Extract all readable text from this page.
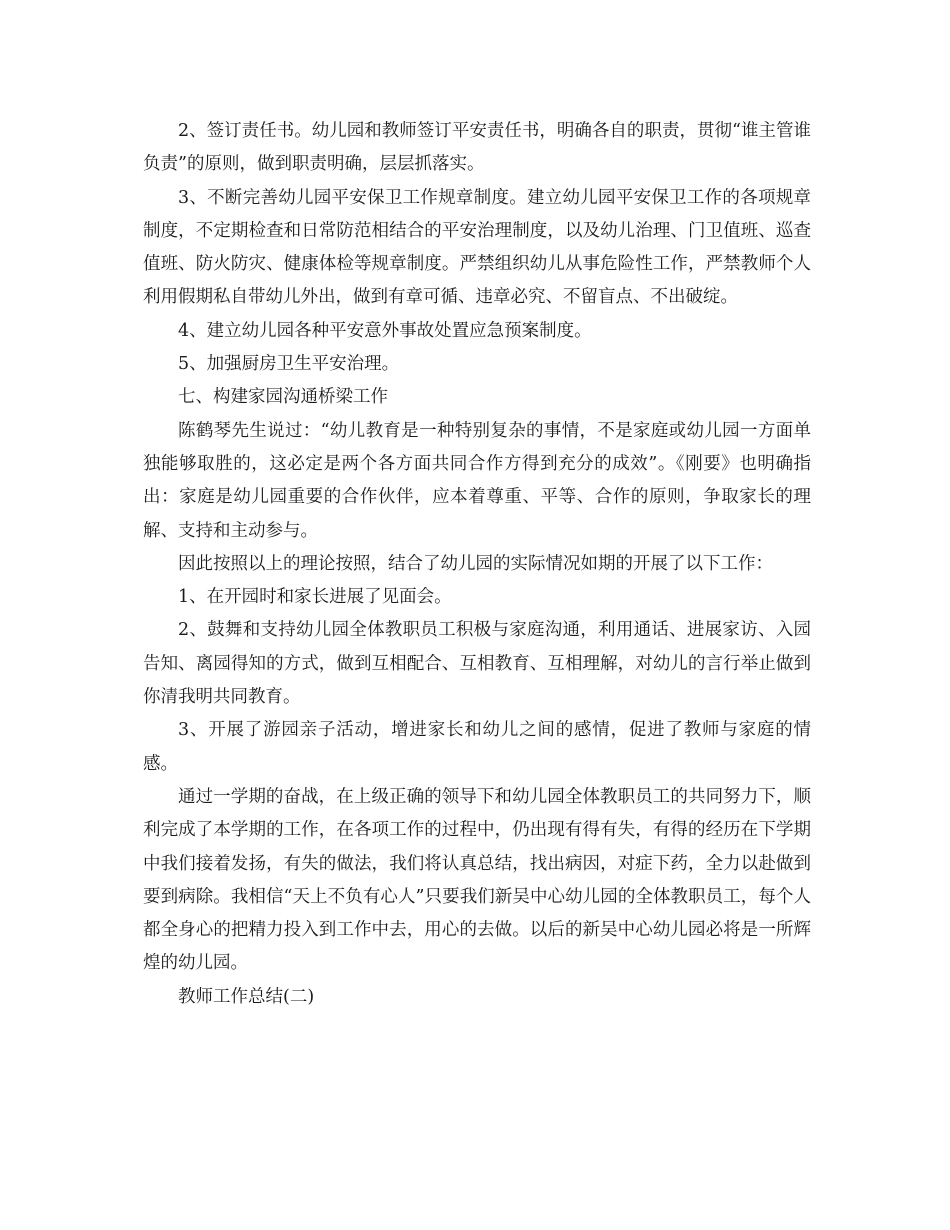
2、签订责任书。幼儿园和教师签订平安责任书，明确各自的职责，贯彻“谁主管谁负责”的原则，做到职责明确，层层抓落实。

3、不断完善幼儿园平安保卫工作规章制度。建立幼儿园平安保卫工作的各项规章制度，不定期检查和日常防范相结合的平安治理制度，以及幼儿治理、门卫值班、巡查值班、防火防灾、健康体检等规章制度。严禁组织幼儿从事危险性工作，严禁教师个人利用假期私自带幼儿外出，做到有章可循、违章必究、不留盲点、不出破绽。

4、建立幼儿园各种平安意外事故处置应急预案制度。

5、加强厨房卫生平安治理。

七、构建家园沟通桥梁工作

陈鹤琴先生说过：“幼儿教育是一种特别复杂的事情，不是家庭或幼儿园一方面单独能够取胜的，这必定是两个各方面共同合作方得到充分的成效”。《刚要》也明确指出：家庭是幼儿园重要的合作伙伴，应本着尊重、平等、合作的原则，争取家长的理解、支持和主动参与。

因此按照以上的理论按照，结合了幼儿园的实际情况如期的开展了以下工作：

1、在开园时和家长进展了见面会。

2、鼓舞和支持幼儿园全体教职员工积极与家庭沟通，利用通话、进展家访、入园告知、离园得知的方式，做到互相配合、互相教育、互相理解，对幼儿的言行举止做到你清我明共同教育。

3、开展了游园亲子活动，增进家长和幼儿之间的感情，促进了教师与家庭的情感。

通过一学期的奋战，在上级正确的领导下和幼儿园全体教职员工的共同努力下，顺利完成了本学期的工作，在各项工作的过程中，仍出现有得有失，有得的经历在下学期中我们接着发扬，有失的做法，我们将认真总结，找出病因，对症下药，全力以赴做到要到病除。我相信“天上不负有心人”只要我们新吴中心幼儿园的全体教职员工，每个人都全身心的把精力投入到工作中去，用心的去做。以后的新吴中心幼儿园必将是一所辉煌的幼儿园。

教师工作总结(二)
